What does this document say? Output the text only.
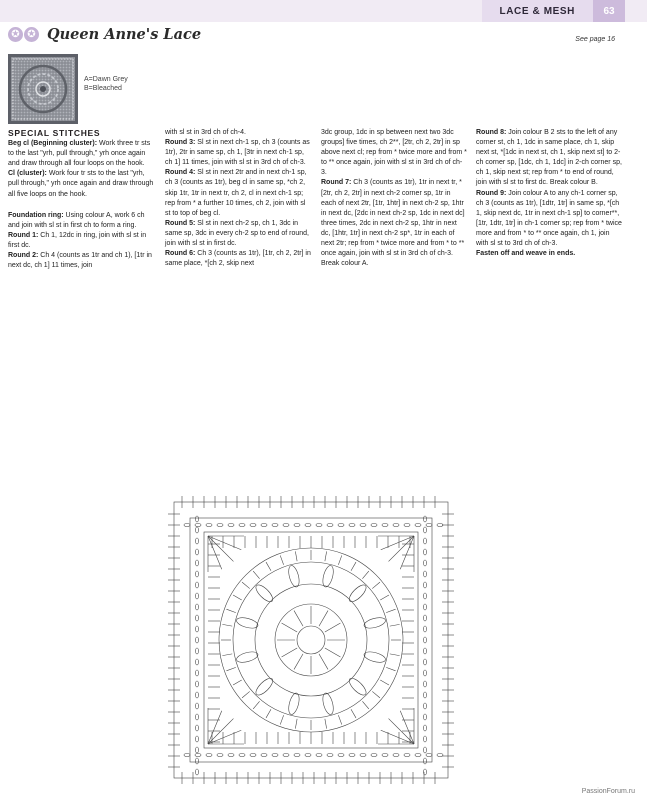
LACE & MESH	63
✪ ✪ Queen Anne's Lace	See page 16
A=Dawn Grey
B=Bleached
SPECIAL STITCHES

Beg cl (Beginning cluster): Work three tr sts to the last "yrh, pull through," yrh once again and draw through all four loops on the hook.

Cl (cluster): Work four tr sts to the last "yrh, pull through," yrh once again and draw through all five loops on the hook.

Foundation ring: Using colour A, work 6 ch and join with sl st in first ch to form a ring.

Round 1: Ch 1, 12dc in ring, join with sl st in first dc.

Round 2: Ch 4 (counts as 1tr and ch 1), [1tr in next dc, ch 1] 11 times, join

with sl st in 3rd ch of ch-4.

Round 3: Sl st in next ch-1 sp, ch 3 (counts as 1tr), 2tr in same sp, ch 1, [3tr in next ch-1 sp, ch 1] 11 times, join with sl st in 3rd ch of ch-3.

Round 4: Sl st in next 2tr and in next ch-1 sp, ch 3 (counts as 1tr), beg cl in same sp, *ch 2, skip 1tr, 1tr in next tr, ch 2, cl in next ch-1 sp; rep from * a further 10 times, ch 2, join with sl st to top of beg cl.

Round 5: Sl st in next ch-2 sp, ch 1, 3dc in same sp, 3dc in every ch-2 sp to end of round, join with sl st in first dc.

Round 6: Ch 3 (counts as 1tr), [1tr, ch 2, 2tr] in same place, *[ch 2, skip next

3dc group, 1dc in sp between next two 3dc groups] five times, ch 2**, [2tr, ch 2, 2tr] in sp above next cl; rep from * twice more and from * to ** once again, join with sl st in 3rd ch of ch-3.

Round 7: Ch 3 (counts as 1tr), 1tr in next tr, *[2tr, ch 2, 2tr] in next ch-2 corner sp, 1tr in each of next 2tr, [1tr, 1htr] in next ch-2 sp, 1htr in next dc, [2dc in next ch-2 sp, 1dc in next dc] three times, 2dc in next ch-2 sp, 1htr in next dc, [1htr, 1tr] in next ch-2 sp*, 1tr in each of next 2tr; rep from * twice more and from * to ** once again, join with sl st in 3rd ch of ch-3. Break colour A.

Round 8: Join colour B 2 sts to the left of any corner st, ch 1, 1dc in same place, ch 1, skip next st, *[1dc in next st, ch 1, skip next st] to 2-ch corner sp, [1dc, ch 1, 1dc] in 2-ch corner sp, ch 1, skip next st; rep from * to end of round, join with sl st to first dc. Break colour B.

Round 9: Join colour A to any ch-1 corner sp, ch 3 (counts as 1tr), [1dtr, 1tr] in same sp, *[ch 1, skip next dc, 1tr in next ch-1 sp] to corner**, [1tr, 1dtr, 1tr] in ch-1 corner sp; rep from * twice more and from * to ** once again, ch 1, join with sl st to 3rd ch of ch-3.

Fasten off and weave in ends.

PassionForum.ru
